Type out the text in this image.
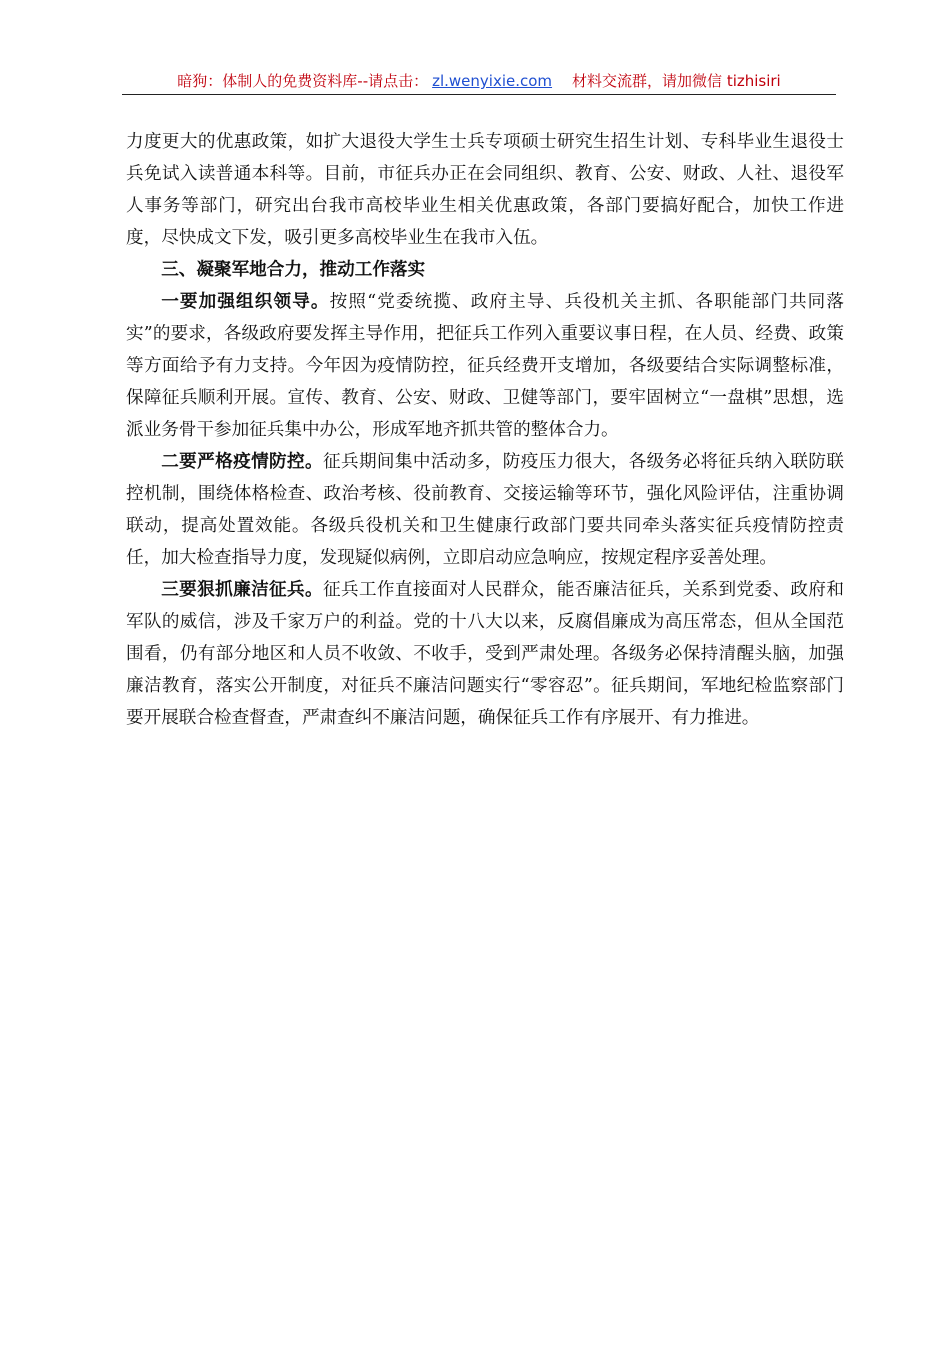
暗狗：体制人的免费资料库--请点击： zl.wenyixie.com 材料交流群，请加微信 tizhisiri

力度更大的优惠政策，如扩大退役大学生士兵专项硕士研究生招生计划、专科毕业生退役士兵免试入读普通本科等。目前，市征兵办正在会同组织、教育、公安、财政、人社、退役军人事务等部门，研究出台我市高校毕业生相关优惠政策，各部门要搞好配合，加快工作进度，尽快成文下发，吸引更多高校毕业生在我市入伍。

三、凝聚军地合力，推动工作落实

一要加强组织领导。按照“党委统揽、政府主导、兵役机关主抓、各职能部门共同落实”的要求，各级政府要发挥主导作用，把征兵工作列入重要议事日程，在人员、经费、政策等方面给予有力支持。今年因为疫情防控，征兵经费开支增加，各级要结合实际调整标准，保障征兵顺利开展。宣传、教育、公安、财政、卫健等部门，要牢固树立“一盘棋”思想，选派业务骨干参加征兵集中办公，形成军地齐抓共管的整体合力。

二要严格疫情防控。征兵期间集中活动多，防疫压力很大，各级务必将征兵纳入联防联控机制，围绕体格检查、政治考核、役前教育、交接运输等环节，强化风险评估，注重协调联动，提高处置效能。各级兵役机关和卫生健康行政部门要共同牵头落实征兵疫情防控责任，加大检查指导力度，发现疑似病例，立即启动应急响应，按规定程序妥善处理。

三要狠抓廉洁征兵。征兵工作直接面对人民群众，能否廉洁征兵，关系到党委、政府和军队的威信，涉及千家万户的利益。党的十八大以来，反腐倡廉成为高压常态，但从全国范围看，仍有部分地区和人员不收敛、不收手，受到严肃处理。各级务必保持清醒头脑，加强廉洁教育，落实公开制度，对征兵不廉洁问题实行“零容忍”。征兵期间，军地纪检监察部门要开展联合检查督查，严肃查纠不廉洁问题，确保征兵工作有序展开、有力推进。
